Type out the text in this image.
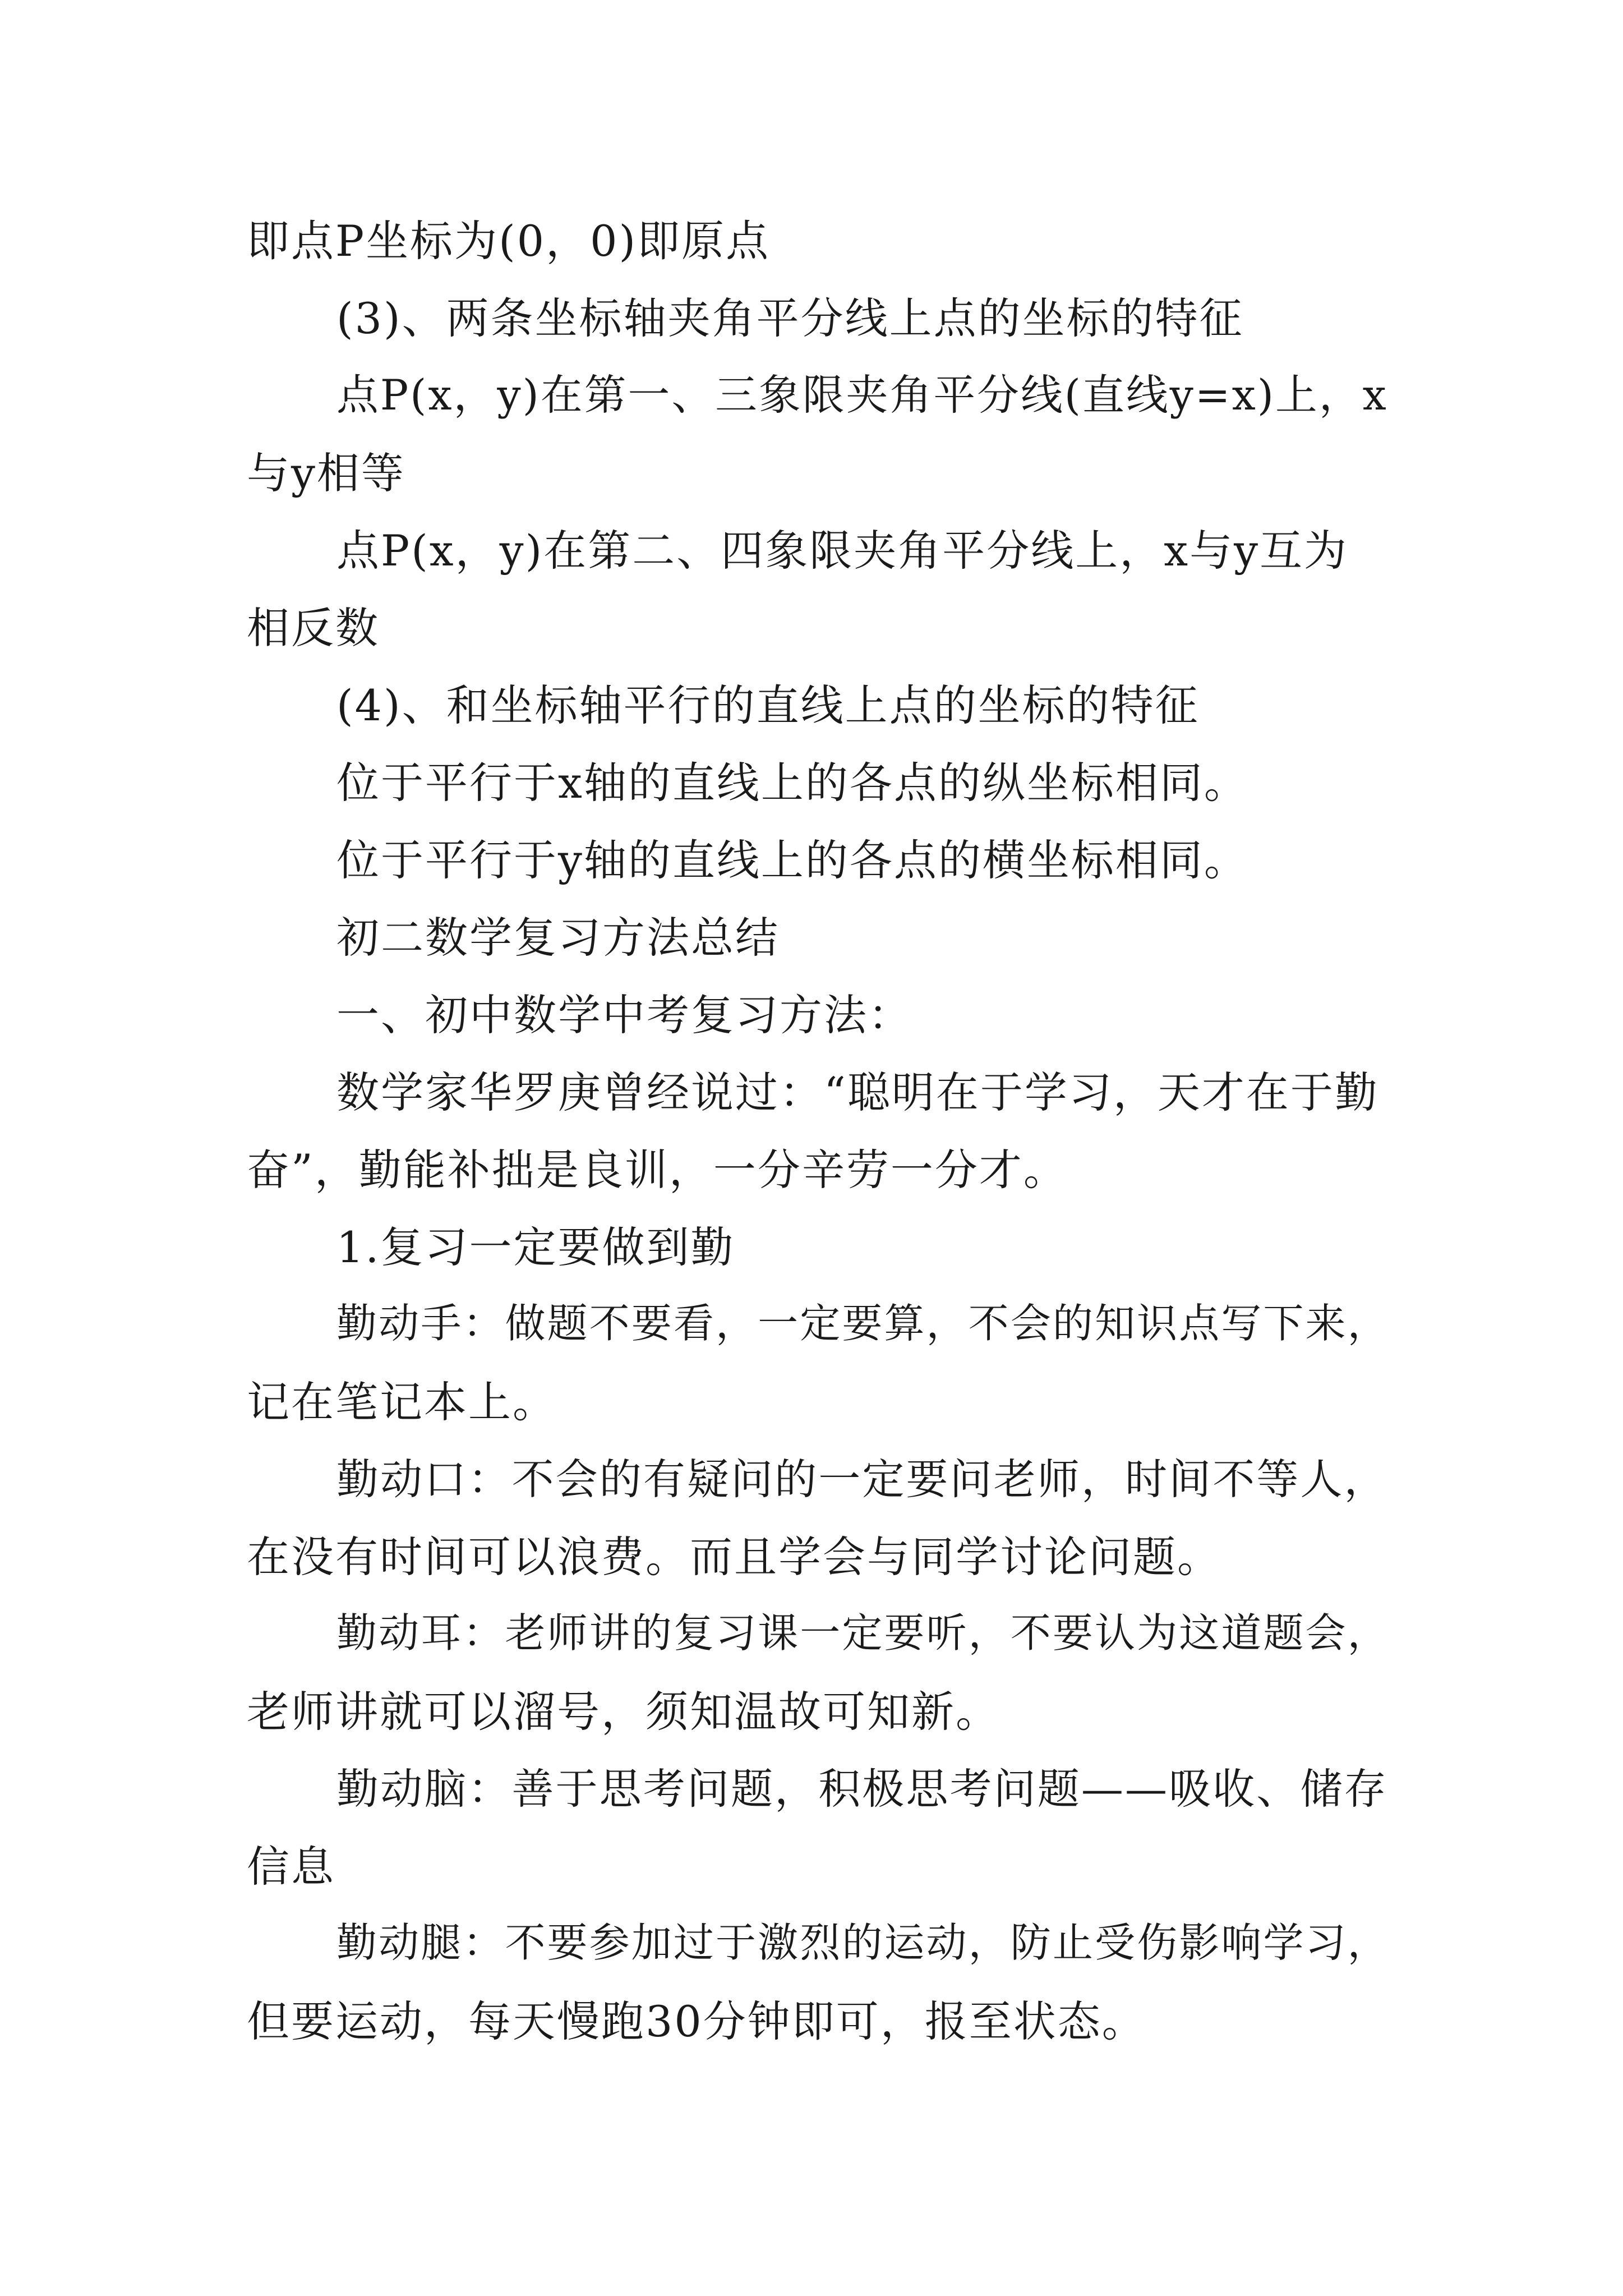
即点P坐标为(0，0)即原点
(3)、两条坐标轴夹角平分线上点的坐标的特征
点P(x，y)在第一、三象限夹角平分线(直线y=x)上，x
与y相等
点P(x，y)在第二、四象限夹角平分线上，x与y互为
相反数
(4)、和坐标轴平行的直线上点的坐标的特征
位于平行于x轴的直线上的各点的纵坐标相同。
位于平行于y轴的直线上的各点的横坐标相同。
初二数学复习方法总结
一、初中数学中考复习方法：
数学家华罗庚曾经说过：“聪明在于学习，天才在于勤
奋”，勤能补拙是良训，一分辛劳一分才。
1.复习一定要做到勤
勤动手：做题不要看，一定要算，不会的知识点写下来，
记在笔记本上。
勤动口：不会的有疑问的一定要问老师，时间不等人，
在没有时间可以浪费。而且学会与同学讨论问题。
勤动耳：老师讲的复习课一定要听，不要认为这道题会，
老师讲就可以溜号，须知温故可知新。
勤动脑：善于思考问题，积极思考问题——吸收、储存
信息
勤动腿：不要参加过于激烈的运动，防止受伤影响学习，
但要运动，每天慢跑30分钟即可，报至状态。
